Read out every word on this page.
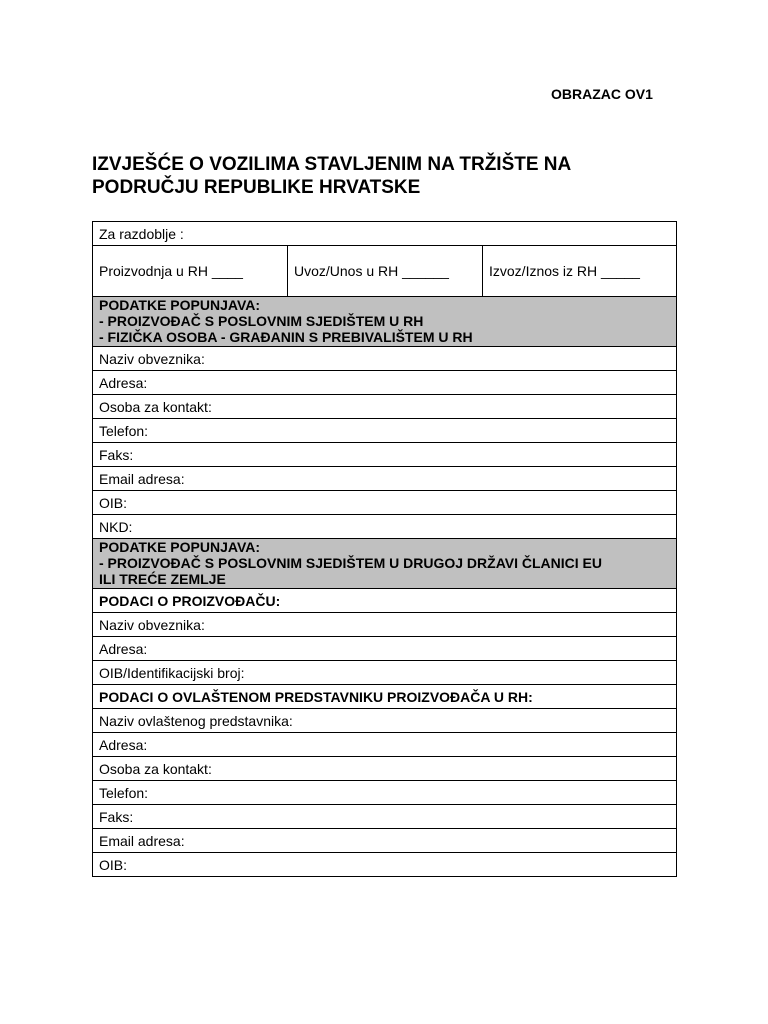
OBRAZAC OV1
IZVJEŠĆE O VOZILIMA STAVLJENIM NA TRŽIŠTE NA
PODRUČJU REPUBLIKE HRVATSKE
Za razdoblje :
Proizvodnja u RH ____	Uvoz/Unos u RH ______	Izvoz/Iznos iz RH _____

PODATKE POPUNJAVA:
- PROIZVOĐAČ S POSLOVNIM SJEDIŠTEM U RH
- FIZIČKA OSOBA - GRAĐANIN S PREBIVALIŠTEM U RH

Naziv obveznika:
Adresa:
Osoba za kontakt:
Telefon:
Faks:
Email adresa:
OIB:
NKD:

PODATKE POPUNJAVA:
- PROIZVOĐAČ S POSLOVNIM SJEDIŠTEM U DRUGOJ DRŽAVI ČLANICI EU
ILI TREĆE ZEMLJE

PODACI O PROIZVOĐAČU:
Naziv obveznika:
Adresa:
OIB/Identifikacijski broj:
PODACI O OVLAŠTENOM PREDSTAVNIKU PROIZVOĐAČA U RH:
Naziv ovlaštenog predstavnika:
Adresa:
Osoba za kontakt:
Telefon:
Faks:
Email adresa:
OIB:
